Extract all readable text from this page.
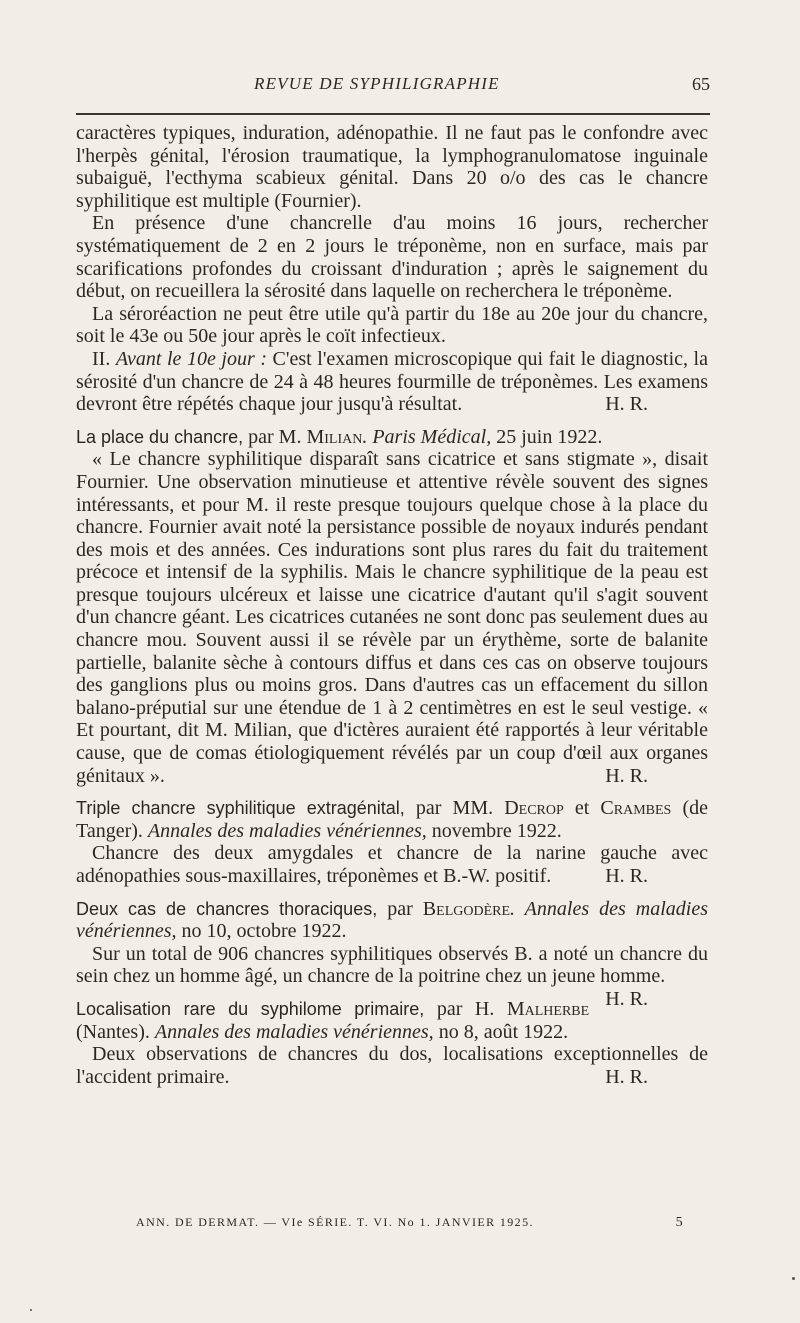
REVUE DE SYPHILIGRAPHIE	65

caractères typiques, induration, adénopathie. Il ne faut pas le confondre avec l'herpès génital, l'érosion traumatique, la lymphogranulomatose inguinale subaiguë, l'ecthyma scabieux génital. Dans 20 o/o des cas le chancre syphilitique est multiple (Fournier).

En présence d'une chancrelle d'au moins 16 jours, rechercher systématiquement de 2 en 2 jours le tréponème, non en surface, mais par scarifications profondes du croissant d'induration ; après le saignement du début, on recueillera la sérosité dans laquelle on recherchera le tréponème.

La séroréaction ne peut être utile qu'à partir du 18e au 20e jour du chancre, soit le 43e ou 50e jour après le coït infectieux.

II. Avant le 10e jour : C'est l'examen microscopique qui fait le diagnostic, la sérosité d'un chancre de 24 à 48 heures fourmille de tréponèmes. Les examens devront être répétés chaque jour jusqu'à résultat.	H. R.

La place du chancre, par M. Milian. Paris Médical, 25 juin 1922.

« Le chancre syphilitique disparaît sans cicatrice et sans stigmate », disait Fournier. Une observation minutieuse et attentive révèle souvent des signes intéressants, et pour M. il reste presque toujours quelque chose à la place du chancre. Fournier avait noté la persistance possible de noyaux indurés pendant des mois et des années. Ces indurations sont plus rares du fait du traitement précoce et intensif de la syphilis. Mais le chancre syphilitique de la peau est presque toujours ulcéreux et laisse une cicatrice d'autant qu'il s'agit souvent d'un chancre géant. Les cicatrices cutanées ne sont donc pas seulement dues au chancre mou. Souvent aussi il se révèle par un érythème, sorte de balanite partielle, balanite sèche à contours diffus et dans ces cas on observe toujours des ganglions plus ou moins gros. Dans d'autres cas un effacement du sillon balano-préputial sur une étendue de 1 à 2 centimètres en est le seul vestige. « Et pourtant, dit M. Milian, que d'ictères auraient été rapportés à leur véritable cause, que de comas étiologiquement révélés par un coup d'œil aux organes génitaux ».	H. R.

Triple chancre syphilitique extragénital, par MM. Decrop et Crambes (de Tanger). Annales des maladies vénériennes, novembre 1922.

Chancre des deux amygdales et chancre de la narine gauche avec adénopathies sous-maxillaires, tréponèmes et B.-W. positif.	H. R.

Deux cas de chancres thoraciques, par Belgodère. Annales des maladies vénériennes, no 10, octobre 1922.

Sur un total de 906 chancres syphilitiques observés B. a noté un chancre du sein chez un homme âgé, un chancre de la poitrine chez un jeune homme.
H. R.

Localisation rare du syphilome primaire, par H. Malherbe (Nantes). Annales des maladies vénériennes, no 8, août 1922.

Deux observations de chancres du dos, localisations exceptionnelles de l'accident primaire.	H. R.

ANN. DE DERMAT. — VIe SÉRIE. T. VI. No 1. JANVIER 1925.	5
